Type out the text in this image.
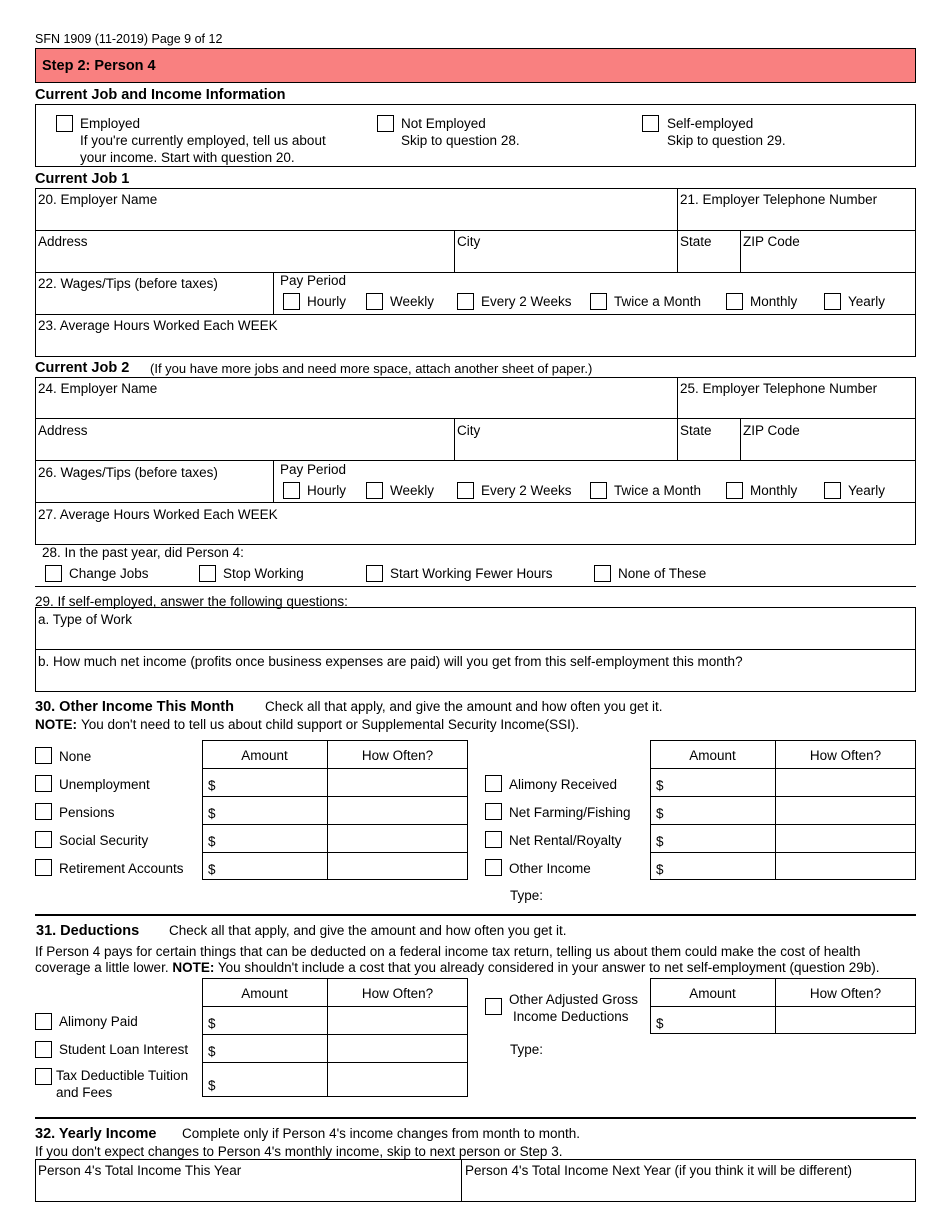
SFN 1909 (11-2019) Page 9 of 12
Step 2: Person 4
Current Job and Income Information
Employed
If you're currently employed, tell us about
your income. Start with question 20.
Not Employed
Skip to question 28.
Self-employed
Skip to question 29.
Current Job 1
20. Employer Name	21. Employer Telephone Number
Address	City	State ZIP Code
22. Wages/Tips (before taxes)	Pay Period
Hourly	Weekly	Every 2 Weeks	Twice a Month	Monthly	Yearly
23. Average Hours Worked Each WEEK
Current Job 2 (If you have more jobs and need more space, attach another sheet of paper.)
24. Employer Name	25. Employer Telephone Number
Address	City	State ZIP Code
26. Wages/Tips (before taxes)	Pay Period
Hourly	Weekly	Every 2 Weeks	Twice a Month	Monthly	Yearly
27. Average Hours Worked Each WEEK
28. In the past year, did Person 4:
Change Jobs	Stop Working	Start Working Fewer Hours	None of These
29. If self-employed, answer the following questions:
a. Type of Work
b. How much net income (profits once business expenses are paid) will you get from this self-employment this month?
30. Other Income This Month Check all that apply, and give the amount and how often you get it.
NOTE: You don't need to tell us about child support or Supplemental Security Income(SSI).
Amount	How Often?
None
Unemployment	$
Pensions	$
Social Security	$
Retirement Accounts $
Amount	How Often?
Alimony Received	$
Net Farming/Fishing $
Net Rental/Royalty	$
Other Income	$
Type:
31. Deductions Check all that apply, and give the amount and how often you get it.
If Person 4 pays for certain things that can be deducted on a federal income tax return, telling us about them could make the cost of health
coverage a little lower. NOTE: You shouldn't include a cost that you already considered in your answer to net self-employment (question 29b).
Amount	How Often?
Alimony Paid	$
Student Loan Interest $
Tax Deductible Tuition
and Fees	$
Other Adjusted Gross
Income Deductions
Type:
Amount	How Often?
$
32. Yearly Income Complete only if Person 4's income changes from month to month.
If you don't expect changes to Person 4's monthly income, skip to next person or Step 3.
Person 4's Total Income This Year	Person 4's Total Income Next Year (if you think it will be different)
